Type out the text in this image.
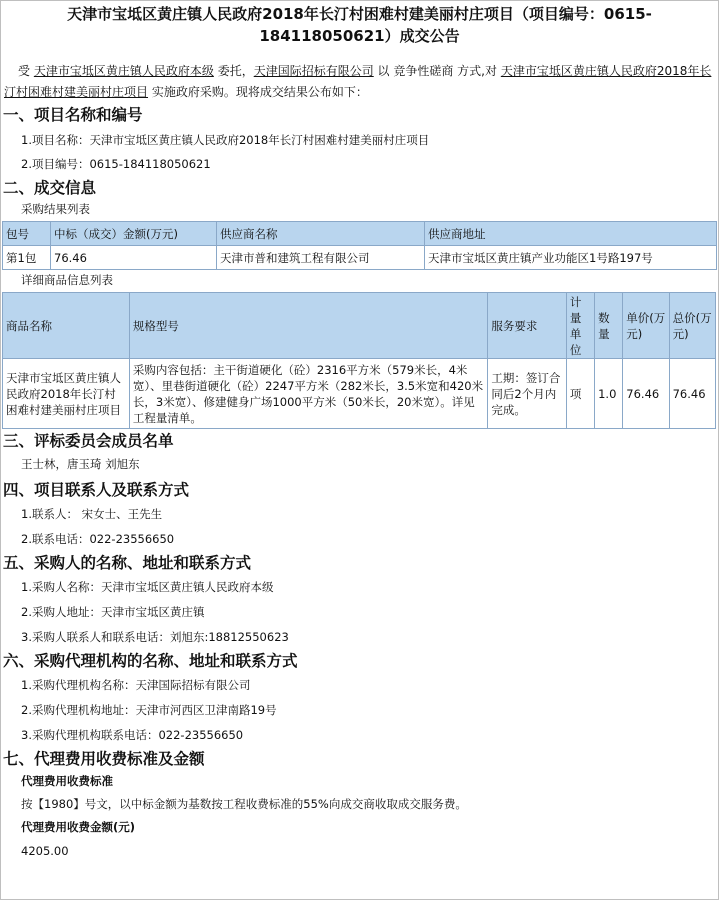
天津市宝坻区黄庄镇人民政府2018年长汀村困难村建美丽村庄项目（项目编号：0615-184118050621）成交公告
受 天津市宝坻区黄庄镇人民政府本级 委托，天津国际招标有限公司 以 竞争性磋商 方式,对 天津市宝坻区黄庄镇人民政府2018年长汀村困难村建美丽村庄项目 实施政府采购。现将成交结果公布如下：
一、项目名称和编号
1.项目名称：天津市宝坻区黄庄镇人民政府2018年长汀村困难村建美丽村庄项目
2.项目编号：0615-184118050621
二、成交信息
采购结果列表
包号	中标（成交）金额(万元)	供应商名称	供应商地址
第1包	76.46	天津市普和建筑工程有限公司	天津市宝坻区黄庄镇产业功能区1号路197号
详细商品信息列表
商品名称	规格型号	服务要求	计量单位	数量	单价(万元)	总价(万元)
天津市宝坻区黄庄镇人民政府2018年长汀村困难村建美丽村庄项目	采购内容包括：主干街道硬化（砼）2316平方米（579米长，4米宽）、里巷街道硬化（砼）2247平方米（282米长，3.5米宽和420米长，3米宽）、修建健身广场1000平方米（50米长，20米宽）。详见工程量清单。	工期：签订合同后2个月内完成。	项	1.0	76.46	76.46
三、评标委员会成员名单
王士林，唐玉琦 刘旭东
四、项目联系人及联系方式
1.联系人： 宋女士、王先生
2.联系电话：022-23556650
五、采购人的名称、地址和联系方式
1.采购人名称：天津市宝坻区黄庄镇人民政府本级
2.采购人地址：天津市宝坻区黄庄镇
3.采购人联系人和联系电话：刘旭东:18812550623
六、采购代理机构的名称、地址和联系方式
1.采购代理机构名称：天津国际招标有限公司
2.采购代理机构地址：天津市河西区卫津南路19号
3.采购代理机构联系电话：022-23556650
七、代理费用收费标准及金额
代理费用收费标准
按【1980】号文，以中标金额为基数按工程收费标准的55%向成交商收取成交服务费。
代理费用收费金额(元)
4205.00
